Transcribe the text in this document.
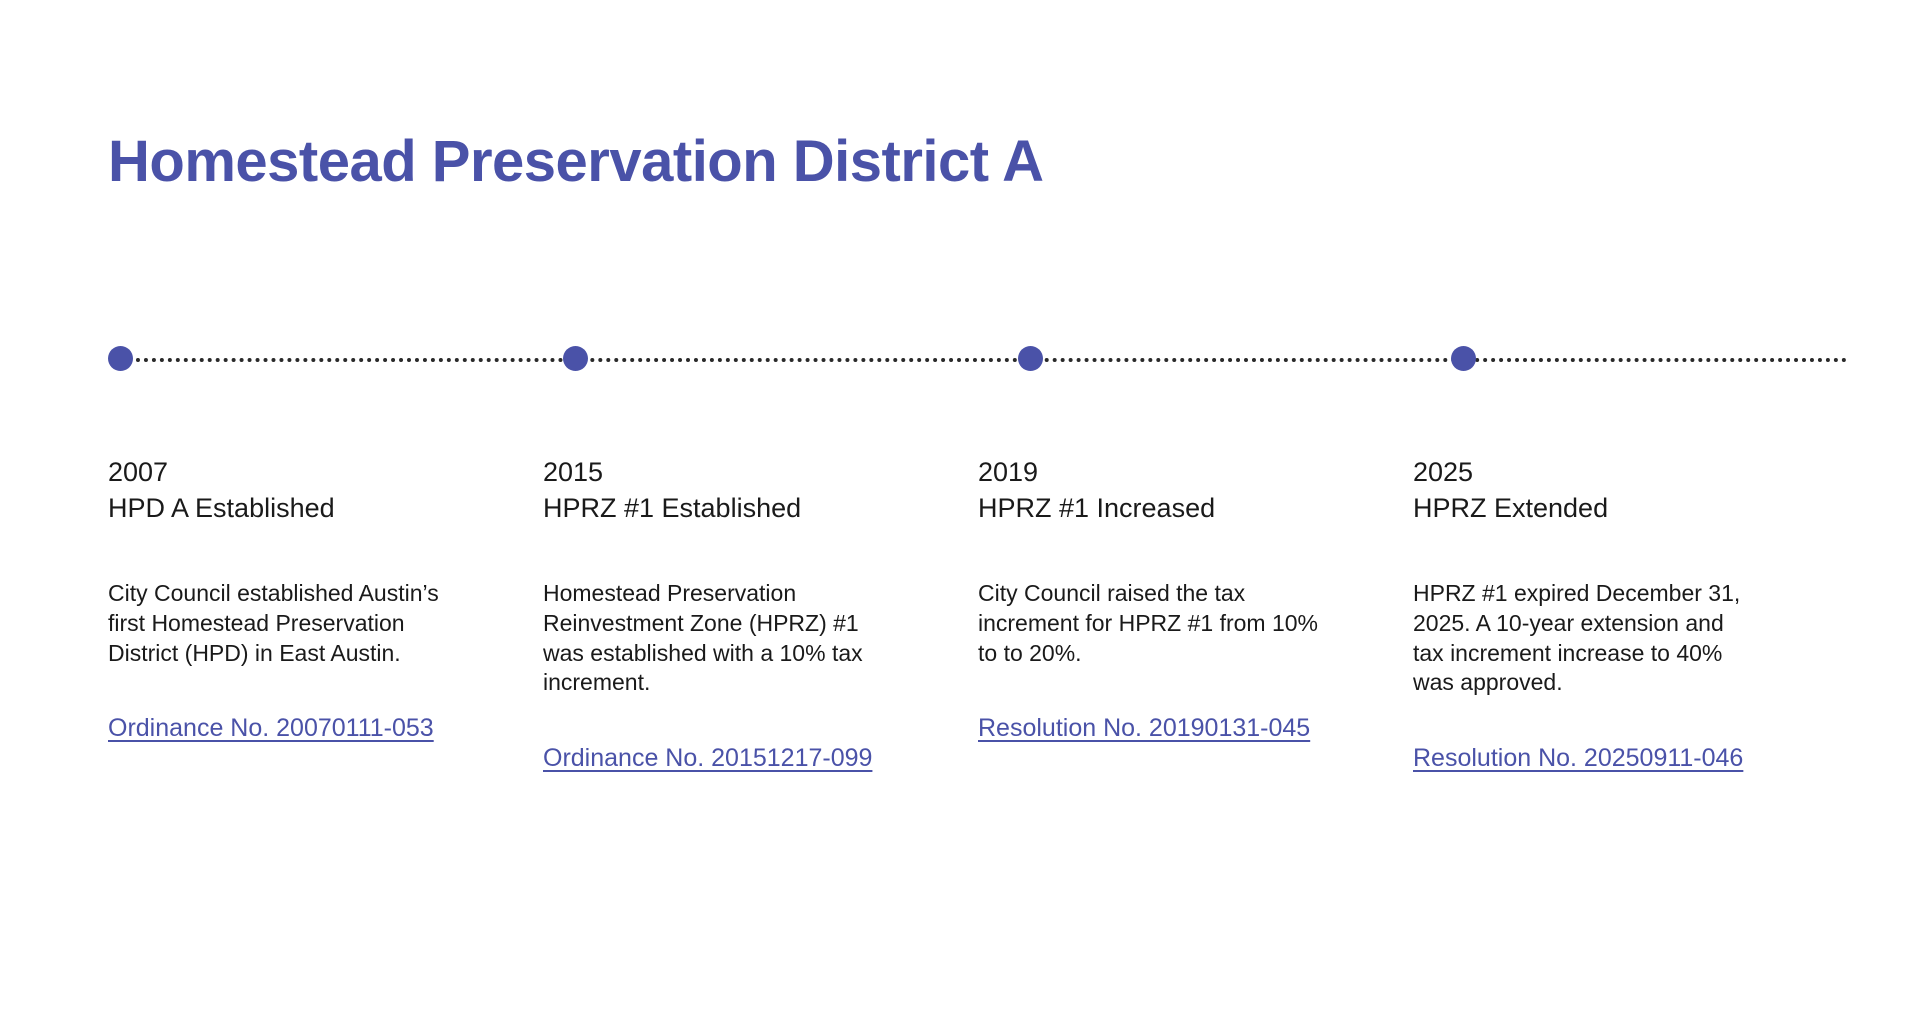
Homestead Preservation District A
2007
HPD A Established
City Council established Austin’s first Homestead Preservation District (HPD) in East Austin.
Ordinance No. 20070111-053
2015
HPRZ #1 Established
Homestead Preservation Reinvestment Zone (HPRZ) #1 was established with a 10% tax increment.
Ordinance No. 20151217-099
2019
HPRZ #1 Increased
City Council raised the tax increment for HPRZ #1 from 10% to to 20%.
Resolution No. 20190131-045
2025
HPRZ Extended
HPRZ #1 expired December 31, 2025. A 10-year extension and tax increment increase to 40% was approved.
Resolution No. 20250911-046
